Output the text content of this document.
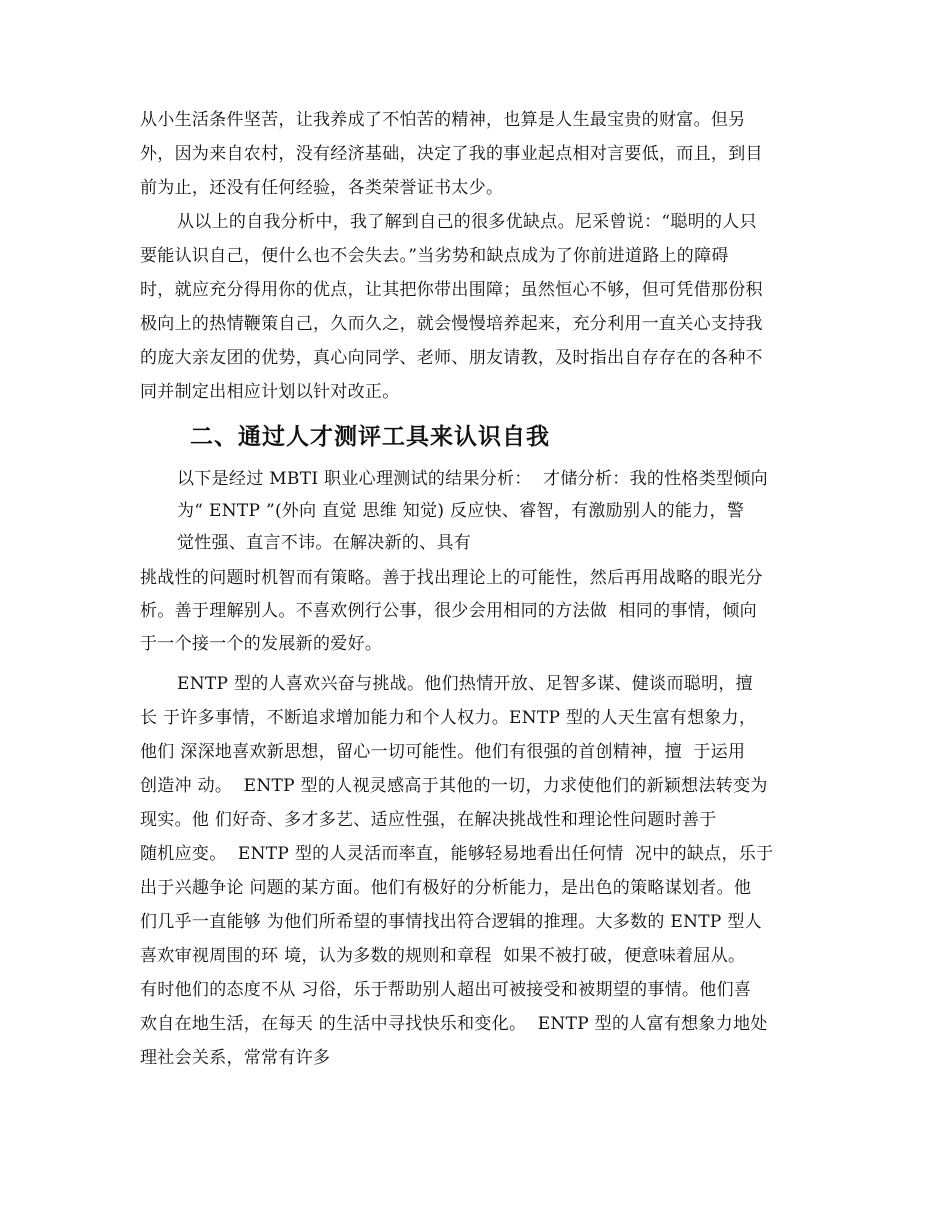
从小生活条件坚苦，让我养成了不怕苦的精神，也算是人生最宝贵的财富。但另
外，因为来自农村，没有经济基础，决定了我的事业起点相对言要低，而且，到目
前为止，还没有任何经验，各类荣誉证书太少。
从以上的自我分析中，我了解到自己的很多优缺点。尼采曾说：“聪明的人只
要能认识自己，便什么也不会失去。”当劣势和缺点成为了你前进道路上的障碍
时，就应充分得用你的优点，让其把你带出围障；虽然恒心不够，但可凭借那份积
极向上的热情鞭策自己，久而久之，就会慢慢培养起来，充分利用一直关心支持我
的庞大亲友团的优势，真心向同学、老师、朋友请教，及时指出自存存在的各种不
同并制定出相应计划以针对改正。
二、通过人才测评工具来认识自我
以下是经过 MBTI 职业心理测试的结果分析：  才储分析：我的性格类型倾向
为“ ENTP ”(外向 直觉 思维 知觉) 反应快、睿智，有激励别人的能力，警
觉性强、直言不讳。在解决新的、具有
挑战性的问题时机智而有策略。善于找出理论上的可能性，然后再用战略的眼光分
析。善于理解别人。不喜欢例行公事，很少会用相同的方法做  相同的事情，倾向
于一个接一个的发展新的爱好。
ENTP 型的人喜欢兴奋与挑战。他们热情开放、足智多谋、健谈而聪明，擅
长 于许多事情，不断追求增加能力和个人权力。ENTP 型的人天生富有想象力，
他们 深深地喜欢新思想，留心一切可能性。他们有很强的首创精神，擅  于运用
创造冲 动。  ENTP 型的人视灵感高于其他的一切，力求使他们的新颖想法转变为
现实。他 们好奇、多才多艺、适应性强，在解决挑战性和理论性问题时善于
随机应变。  ENTP 型的人灵活而率直，能够轻易地看出任何情  况中的缺点，乐于
出于兴趣争论 问题的某方面。他们有极好的分析能力，是出色的策略谋划者。他
们几乎一直能够 为他们所希望的事情找出符合逻辑的推理。大多数的 ENTP 型人
喜欢审视周围的环 境，认为多数的规则和章程  如果不被打破，便意味着屈从。
有时他们的态度不从 习俗，乐于帮助别人超出可被接受和被期望的事情。他们喜
欢自在地生活，在每天 的生活中寻找快乐和变化。  ENTP 型的人富有想象力地处
理社会关系，常常有许多
